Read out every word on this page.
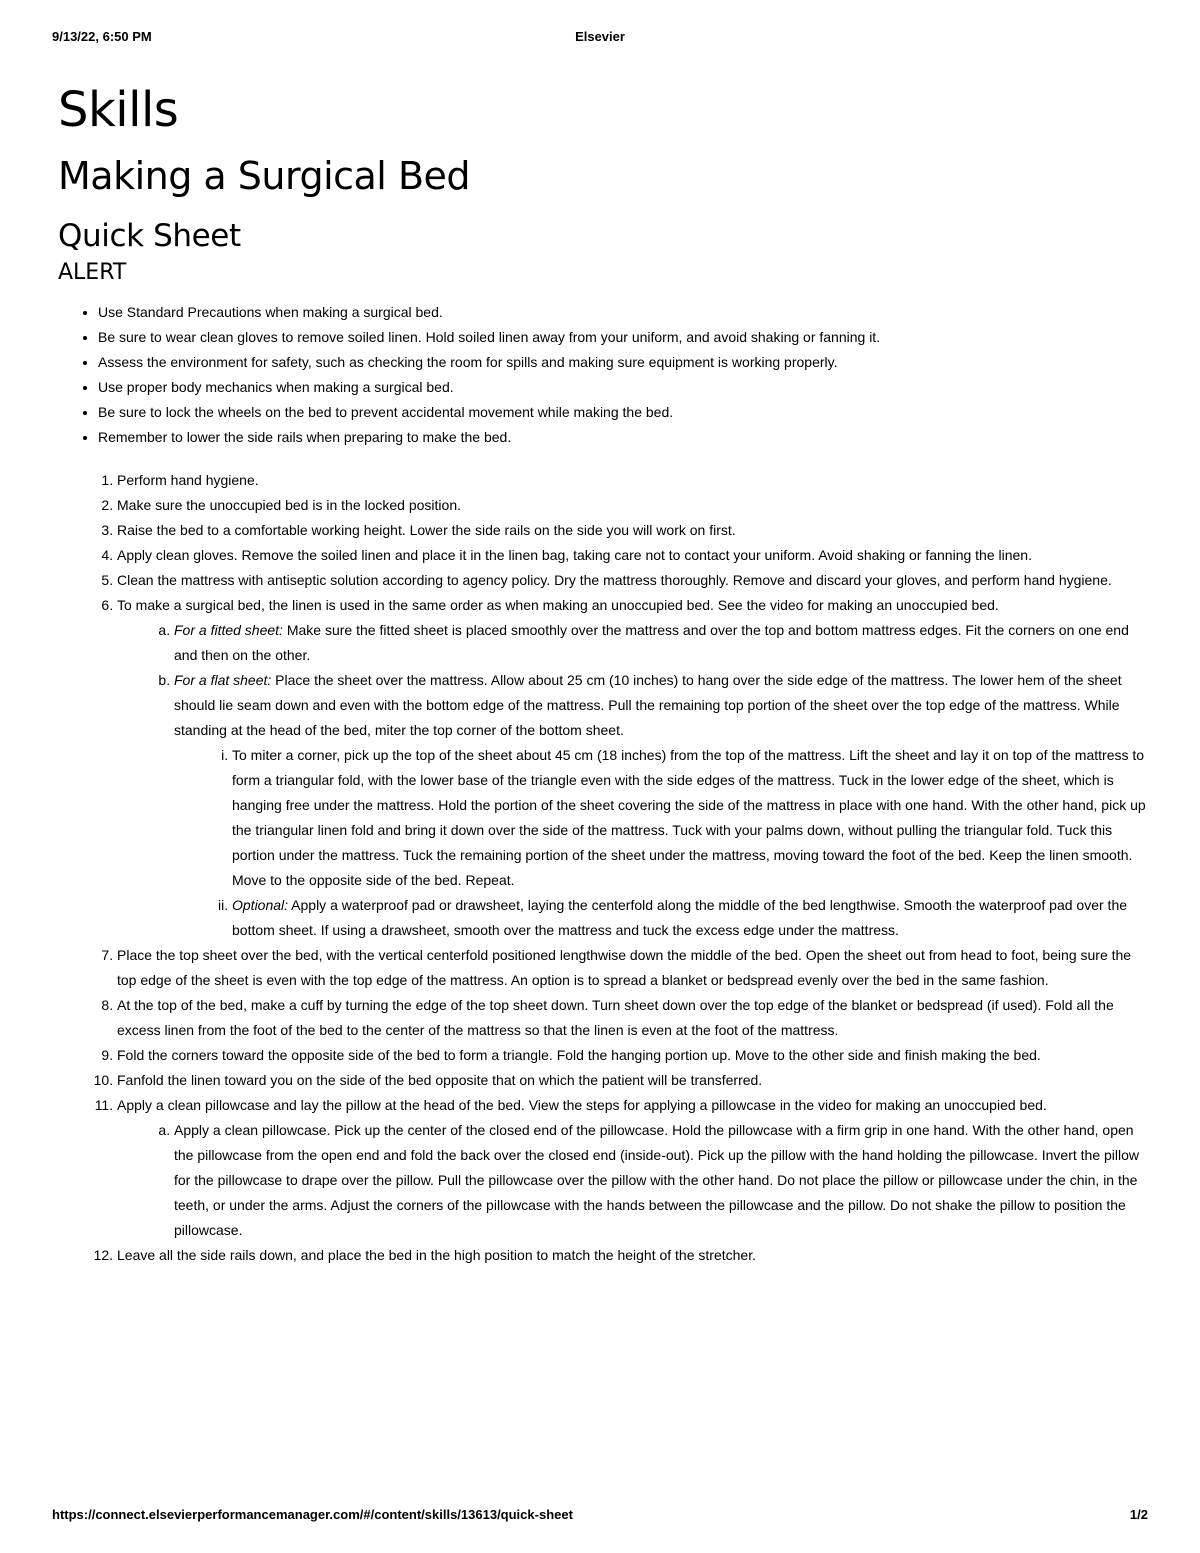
9/13/22, 6:50 PM	Elsevier
Skills
Making a Surgical Bed
Quick Sheet
ALERT
• Use Standard Precautions when making a surgical bed.
• Be sure to wear clean gloves to remove soiled linen. Hold soiled linen away from your uniform, and avoid shaking or fanning it.
• Assess the environment for safety, such as checking the room for spills and making sure equipment is working properly.
• Use proper body mechanics when making a surgical bed.
• Be sure to lock the wheels on the bed to prevent accidental movement while making the bed.
• Remember to lower the side rails when preparing to make the bed.
1. Perform hand hygiene.
2. Make sure the unoccupied bed is in the locked position.
3. Raise the bed to a comfortable working height. Lower the side rails on the side you will work on first.
4. Apply clean gloves. Remove the soiled linen and place it in the linen bag, taking care not to contact your uniform. Avoid shaking or fanning the linen.
5. Clean the mattress with antiseptic solution according to agency policy. Dry the mattress thoroughly. Remove and discard your gloves, and perform hand hygiene.
6. To make a surgical bed, the linen is used in the same order as when making an unoccupied bed. See the video for making an unoccupied bed.
a. For a fitted sheet: Make sure the fitted sheet is placed smoothly over the mattress and over the top and bottom mattress edges. Fit the corners on one end and then on the other.
b. For a flat sheet: Place the sheet over the mattress. Allow about 25 cm (10 inches) to hang over the side edge of the mattress. The lower hem of the sheet should lie seam down and even with the bottom edge of the mattress. Pull the remaining top portion of the sheet over the top edge of the mattress. While standing at the head of the bed, miter the top corner of the bottom sheet.
i. To miter a corner, pick up the top of the sheet about 45 cm (18 inches) from the top of the mattress. Lift the sheet and lay it on top of the mattress to form a triangular fold, with the lower base of the triangle even with the side edges of the mattress. Tuck in the lower edge of the sheet, which is hanging free under the mattress. Hold the portion of the sheet covering the side of the mattress in place with one hand. With the other hand, pick up the triangular linen fold and bring it down over the side of the mattress. Tuck with your palms down, without pulling the triangular fold. Tuck this portion under the mattress. Tuck the remaining portion of the sheet under the mattress, moving toward the foot of the bed. Keep the linen smooth. Move to the opposite side of the bed. Repeat.
ii. Optional: Apply a waterproof pad or drawsheet, laying the centerfold along the middle of the bed lengthwise. Smooth the waterproof pad over the bottom sheet. If using a drawsheet, smooth over the mattress and tuck the excess edge under the mattress.
7. Place the top sheet over the bed, with the vertical centerfold positioned lengthwise down the middle of the bed. Open the sheet out from head to foot, being sure the top edge of the sheet is even with the top edge of the mattress. An option is to spread a blanket or bedspread evenly over the bed in the same fashion.
8. At the top of the bed, make a cuff by turning the edge of the top sheet down. Turn sheet down over the top edge of the blanket or bedspread (if used). Fold all the excess linen from the foot of the bed to the center of the mattress so that the linen is even at the foot of the mattress.
9. Fold the corners toward the opposite side of the bed to form a triangle. Fold the hanging portion up. Move to the other side and finish making the bed.
10. Fanfold the linen toward you on the side of the bed opposite that on which the patient will be transferred.
11. Apply a clean pillowcase and lay the pillow at the head of the bed. View the steps for applying a pillowcase in the video for making an unoccupied bed.
a. Apply a clean pillowcase. Pick up the center of the closed end of the pillowcase. Hold the pillowcase with a firm grip in one hand. With the other hand, open the pillowcase from the open end and fold the back over the closed end (inside-out). Pick up the pillow with the hand holding the pillowcase. Invert the pillow for the pillowcase to drape over the pillow. Pull the pillowcase over the pillow with the other hand. Do not place the pillow or pillowcase under the chin, in the teeth, or under the arms. Adjust the corners of the pillowcase with the hands between the pillowcase and the pillow. Do not shake the pillow to position the pillowcase.
12. Leave all the side rails down, and place the bed in the high position to match the height of the stretcher.
https://connect.elsevierperformancemanager.com/#/content/skills/13613/quick-sheet	1/2
